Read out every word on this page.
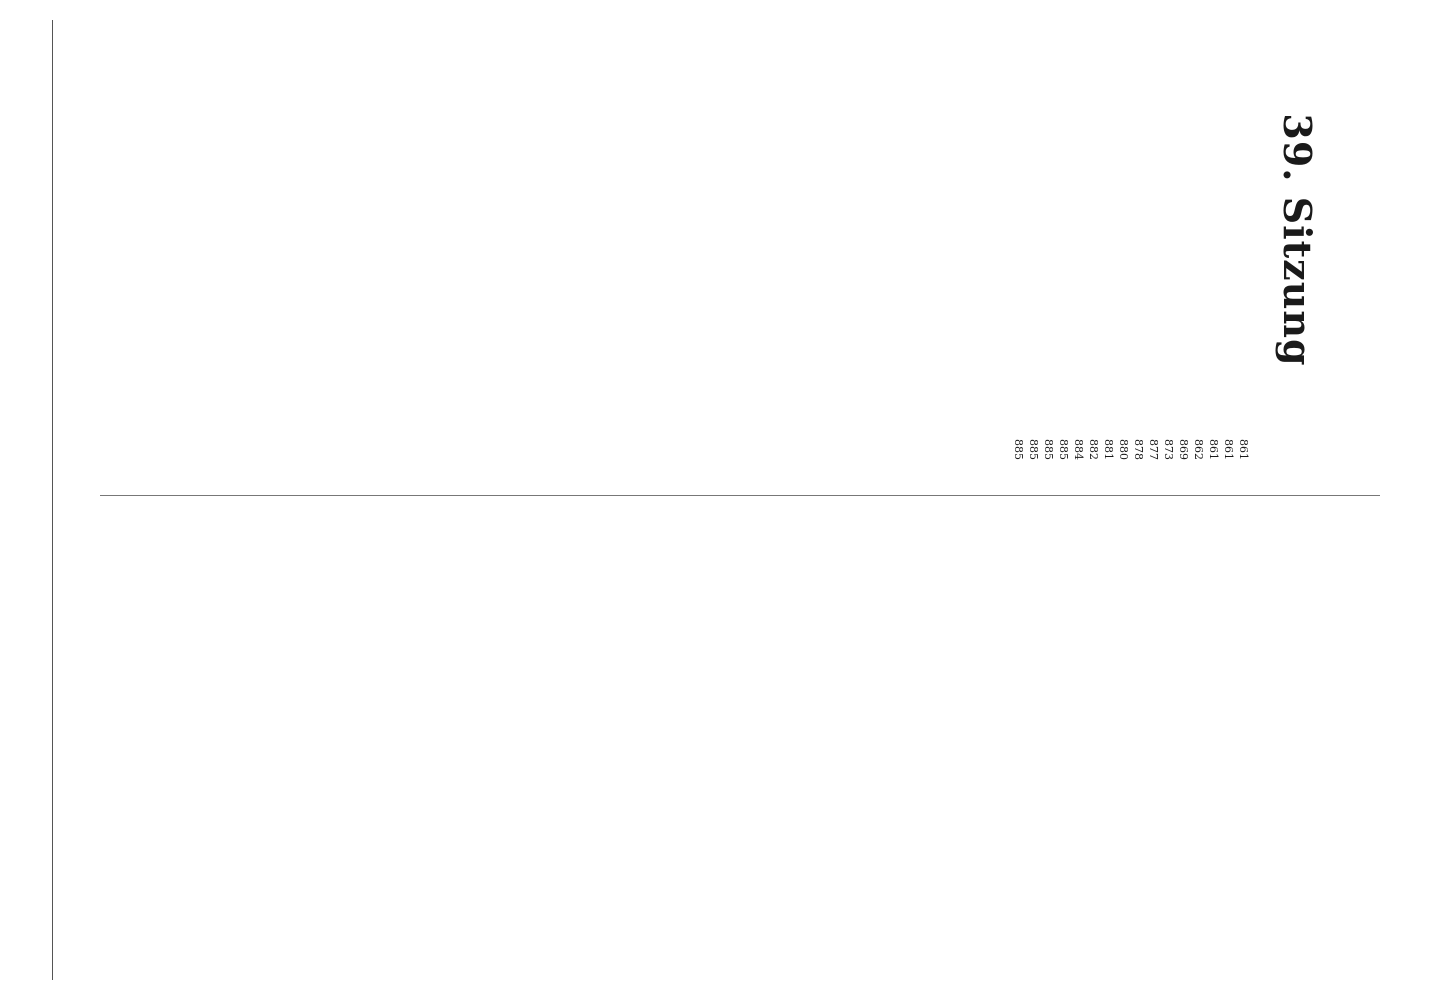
39. Sitzung
861
861
861
862
869
873
877
878
880
881
882
884
885
885
885
885
